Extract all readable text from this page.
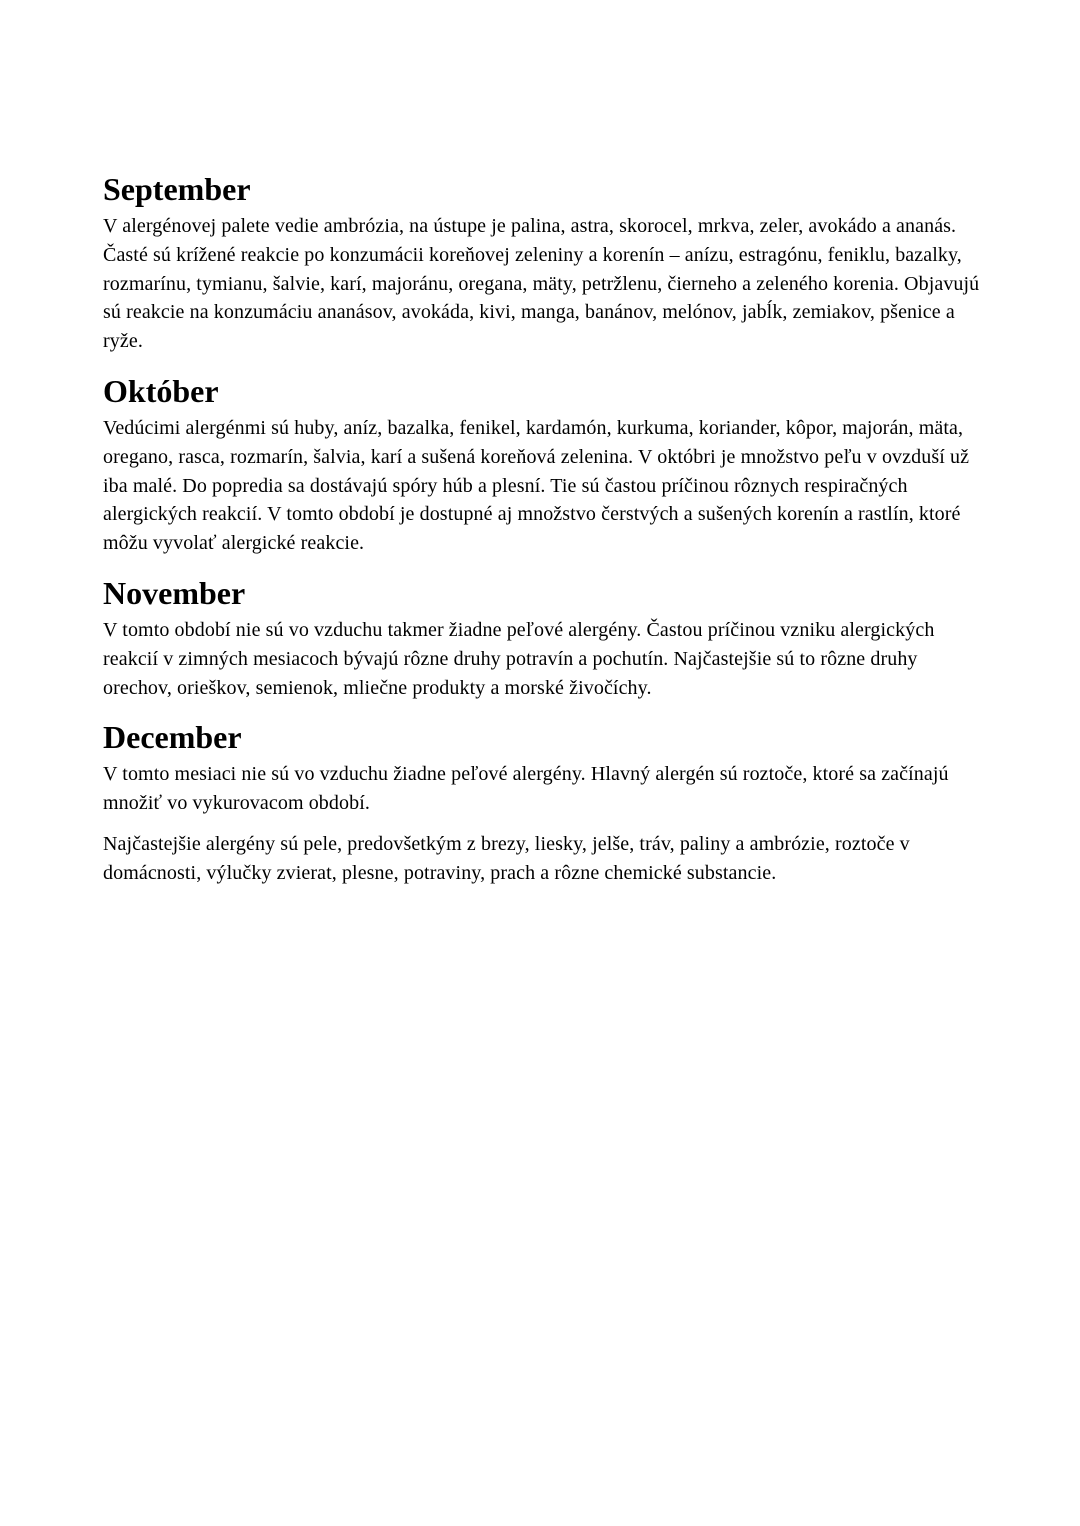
September

V alergénovej palete vedie ambrózia, na ústupe je palina, astra, skorocel, mrkva, zeler, avokádo a ananás. Časté sú krížené reakcie po konzumácii koreňovej zeleniny a korenín – anízu, estragónu, feniklu, bazalky, rozmarínu, tymianu, šalvie, karí, majoránu, oregana, mäty, petržlenu, čierneho a zeleného korenia. Objavujú sú reakcie na konzumáciu ananásov, avokáda, kivi, manga, banánov, melónov, jabĺk, zemiakov, pšenice a ryže.

Október

Vedúcimi alergénmi sú huby, aníz, bazalka, fenikel, kardamón, kurkuma, koriander, kôpor, majorán, mäta, oregano, rasca, rozmarín, šalvia, karí a sušená koreňová zelenina. V októbri je množstvo peľu v ovzduší už iba malé. Do popredia sa dostávajú spóry húb a plesní. Tie sú častou príčinou rôznych respiračných alergických reakcií. V tomto období je dostupné aj množstvo čerstvých a sušených korenín a rastlín, ktoré môžu vyvolať alergické reakcie.

November

V tomto období nie sú vo vzduchu takmer žiadne peľové alergény. Častou príčinou vzniku alergických reakcií v zimných mesiacoch bývajú rôzne druhy potravín a pochutín. Najčastejšie sú to rôzne druhy orechov, orieškov, semienok, mliečne produkty a morské živočíchy.

December

V tomto mesiaci nie sú vo vzduchu žiadne peľové alergény. Hlavný alergén sú roztoče, ktoré sa začínajú množiť vo vykurovacom období.

Najčastejšie alergény sú pele, predovšetkým z brezy, liesky, jelše, tráv, paliny a ambrózie, roztoče v domácnosti, výlučky zvierat, plesne, potraviny, prach a rôzne chemické substancie.
